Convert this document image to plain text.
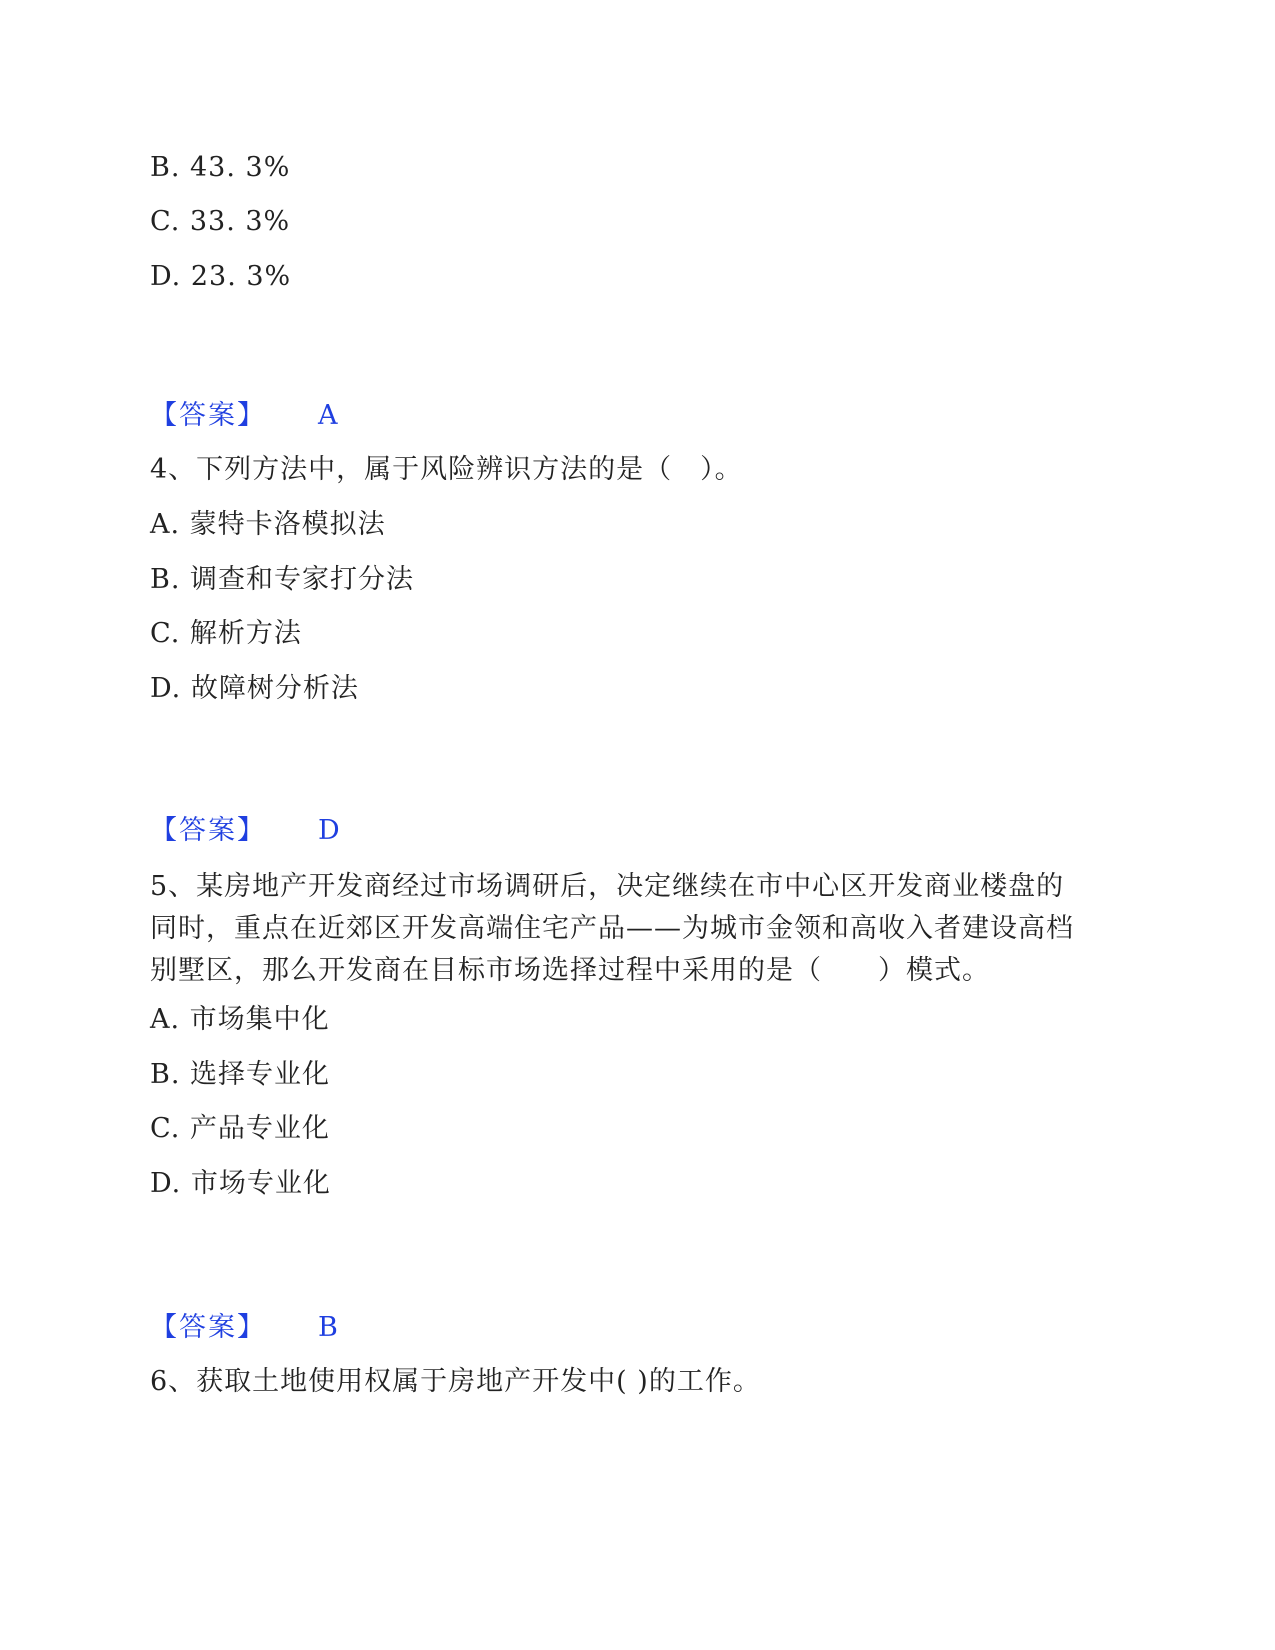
B. 43. 3%
C. 33. 3%
D. 23. 3%
【答案】 A
4、下列方法中，属于风险辨识方法的是（　）。
A. 蒙特卡洛模拟法
B. 调查和专家打分法
C. 解析方法
D. 故障树分析法
【答案】 D
5、某房地产开发商经过市场调研后，决定继续在市中心区开发商业楼盘的
同时，重点在近郊区开发高端住宅产品——为城市金领和高收入者建设高档
别墅区，那么开发商在目标市场选择过程中采用的是（　　）模式。
A. 市场集中化
B. 选择专业化
C. 产品专业化
D. 市场专业化
【答案】 B
6、获取土地使用权属于房地产开发中( )的工作。
